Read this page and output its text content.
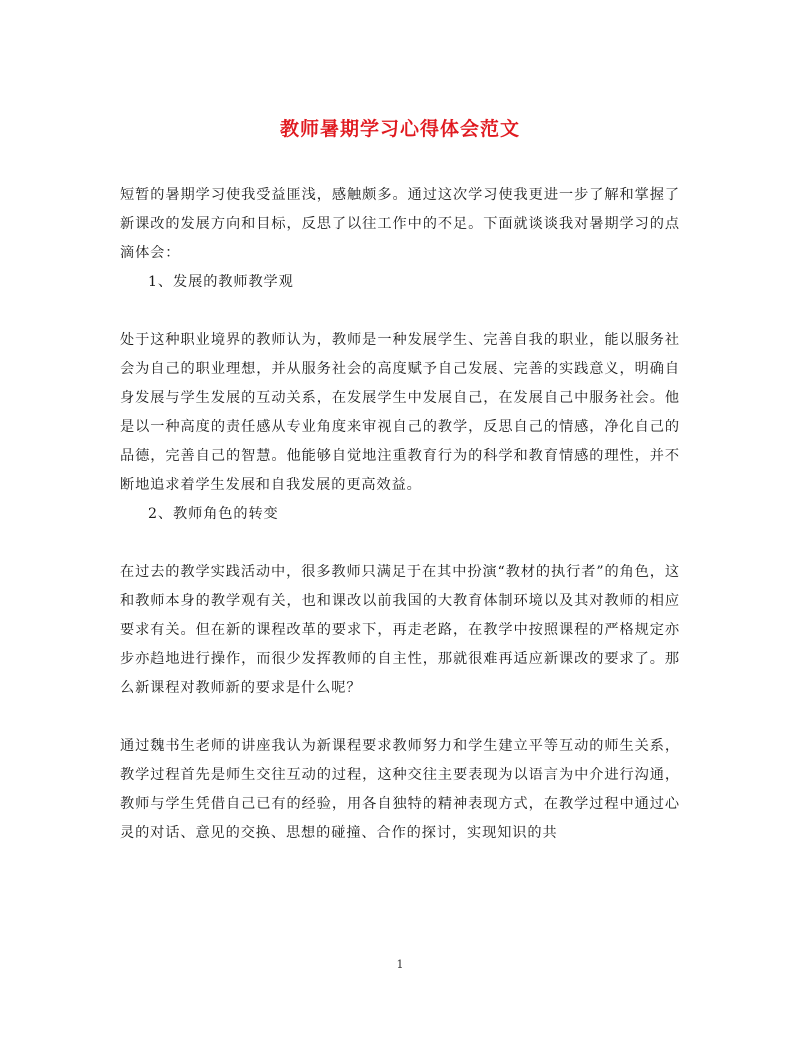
教师暑期学习心得体会范文

短暂的暑期学习使我受益匪浅，感触颇多。通过这次学习使我更进一步了解和掌握了新课改的发展方向和目标，反思了以往工作中的不足。下面就谈谈我对暑期学习的点滴体会：

1、发展的教师教学观

处于这种职业境界的教师认为，教师是一种发展学生、完善自我的职业，能以服务社会为自己的职业理想，并从服务社会的高度赋予自己发展、完善的实践意义，明确自身发展与学生发展的互动关系，在发展学生中发展自己，在发展自己中服务社会。他是以一种高度的责任感从专业角度来审视自己的教学，反思自己的情感，净化自己的品德，完善自己的智慧。他能够自觉地注重教育行为的科学和教育情感的理性，并不断地追求着学生发展和自我发展的更高效益。

2、教师角色的转变

在过去的教学实践活动中，很多教师只满足于在其中扮演“教材的执行者”的角色，这和教师本身的教学观有关，也和课改以前我国的大教育体制环境以及其对教师的相应要求有关。但在新的课程改革的要求下，再走老路，在教学中按照课程的严格规定亦步亦趋地进行操作，而很少发挥教师的自主性，那就很难再适应新课改的要求了。那么新课程对教师新的要求是什么呢？

通过魏书生老师的讲座我认为新课程要求教师努力和学生建立平等互动的师生关系，教学过程首先是师生交往互动的过程，这种交往主要表现为以语言为中介进行沟通，教师与学生凭借自己已有的经验，用各自独特的精神表现方式，在教学过程中通过心灵的对话、意见的交换、思想的碰撞、合作的探讨，实现知识的共

1
